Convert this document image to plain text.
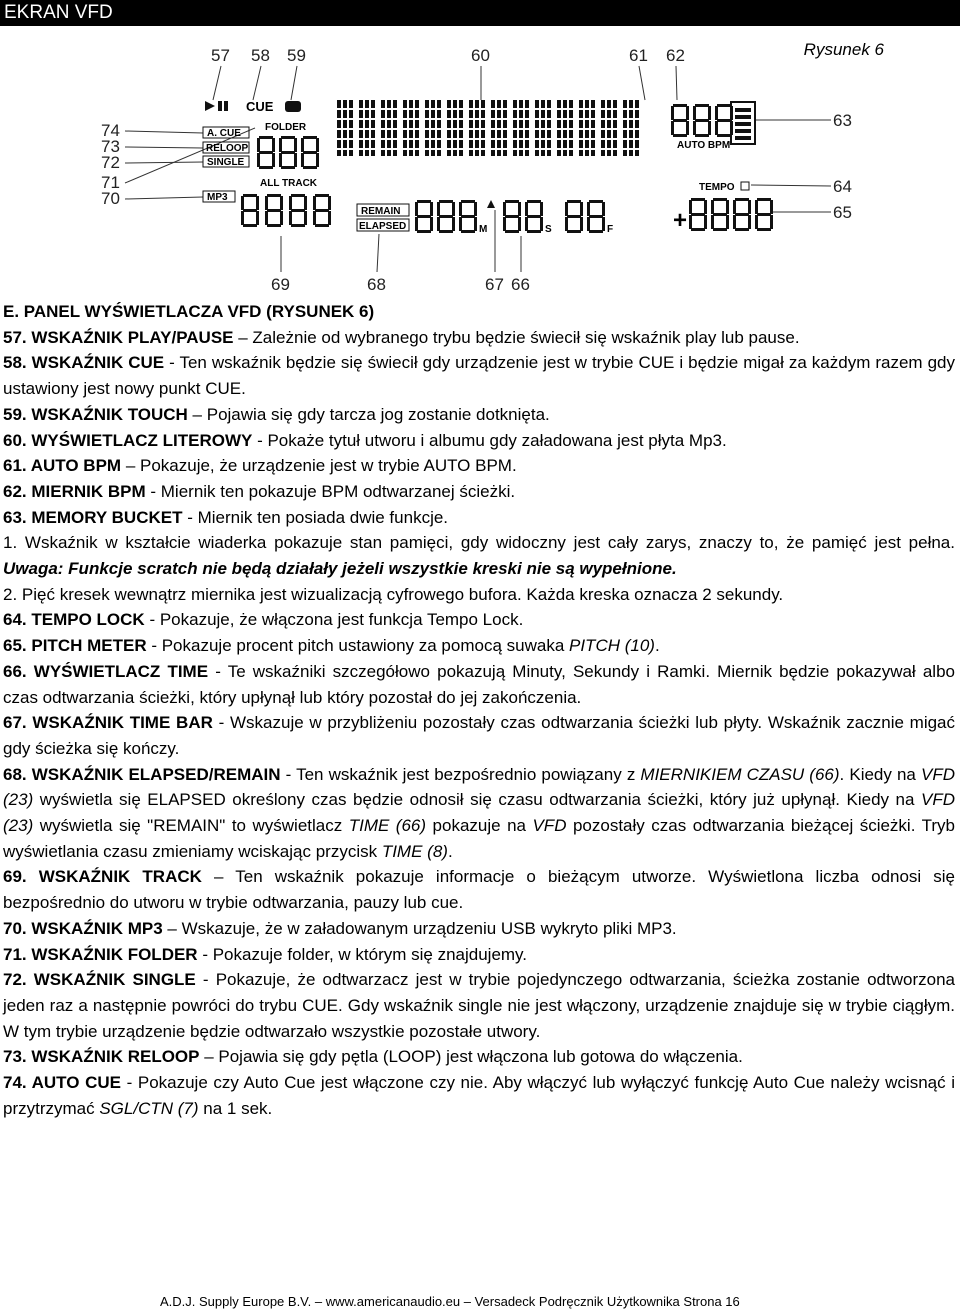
EKRAN VFD
Rysunek 6
57 58 59	60	61 62
74
73
72
71
70
63
64
65
69	68	67 66
CUE
A. CUE
RELOOP
SINGLE
MP3
FOLDER
ALL TRACK
REMAIN
ELAPSED	M	S	F
AUTO BPM
TEMPO
+

E. PANEL WYŚWIETLACZA VFD (RYSUNEK 6)

57. WSKAŹNIK PLAY/PAUSE – Zależnie od wybranego trybu będzie świecił się wskaźnik play lub pause.

58. WSKAŹNIK CUE - Ten wskaźnik będzie się świecił gdy urządzenie jest w trybie CUE i będzie migał za każdym razem gdy ustawiony jest nowy punkt CUE.

59. WSKAŹNIK TOUCH – Pojawia się gdy tarcza jog zostanie dotknięta.

60. WYŚWIETLACZ LITEROWY - Pokaże tytuł utworu i albumu gdy załadowana jest płyta Mp3.

61. AUTO BPM – Pokazuje, że urządzenie jest w trybie AUTO BPM.

62. MIERNIK BPM - Miernik ten pokazuje BPM odtwarzanej ścieżki.

63. MEMORY BUCKET - Miernik ten posiada dwie funkcje.

1. Wskaźnik w kształcie wiaderka pokazuje stan pamięci, gdy widoczny jest cały zarys, znaczy to, że pamięć jest pełna. Uwaga: Funkcje scratch nie będą działały jeżeli wszystkie kreski nie są wypełnione.

2. Pięć kresek wewnątrz miernika jest wizualizacją cyfrowego bufora. Każda kreska oznacza 2 sekundy.

64. TEMPO LOCK - Pokazuje, że włączona jest funkcja Tempo Lock.

65. PITCH METER - Pokazuje procent pitch ustawiony za pomocą suwaka PITCH (10).

66. WYŚWIETLACZ TIME - Te wskaźniki szczegółowo pokazują Minuty, Sekundy i Ramki. Miernik będzie pokazywał albo czas odtwarzania ścieżki, który upłynął lub który pozostał do jej zakończenia.

67. WSKAŹNIK TIME BAR - Wskazuje w przybliżeniu pozostały czas odtwarzania ścieżki lub płyty. Wskaźnik zacznie migać gdy ścieżka się kończy.

68. WSKAŹNIK ELAPSED/REMAIN - Ten wskaźnik jest bezpośrednio powiązany z MIERNIKIEM CZASU (66). Kiedy na VFD (23) wyświetla się ELAPSED określony czas będzie odnosił się czasu odtwarzania ścieżki, który już upłynął. Kiedy na VFD (23) wyświetla się "REMAIN" to wyświetlacz TIME (66) pokazuje na VFD pozostały czas odtwarzania bieżącej ścieżki. Tryb wyświetlania czasu zmieniamy wciskając przycisk TIME (8).

69. WSKAŹNIK TRACK – Ten wskaźnik pokazuje informacje o bieżącym utworze. Wyświetlona liczba odnosi się bezpośrednio do utworu w trybie odtwarzania, pauzy lub cue.

70. WSKAŹNIK MP3 – Wskazuje, że w załadowanym urządzeniu USB wykryto pliki MP3.

71. WSKAŹNIK FOLDER - Pokazuje folder, w którym się znajdujemy.

72. WSKAŹNIK SINGLE - Pokazuje, że odtwarzacz jest w trybie pojedynczego odtwarzania, ścieżka zostanie odtworzona jeden raz a następnie powróci do trybu CUE. Gdy wskaźnik single nie jest włączony, urządzenie znajduje się w trybie ciągłym. W tym trybie urządzenie będzie odtwarzało wszystkie pozostałe utwory.

73. WSKAŹNIK RELOOP – Pojawia się gdy pętla (LOOP) jest włączona lub gotowa do włączenia.

74. AUTO CUE - Pokazuje czy Auto Cue jest włączone czy nie. Aby włączyć lub wyłączyć funkcję Auto Cue należy wcisnąć i przytrzymać SGL/CTN (7) na 1 sek.

A.D.J. Supply Europe B.V. – www.americanaudio.eu – Versadeck Podręcznik Użytkownika Strona 16
